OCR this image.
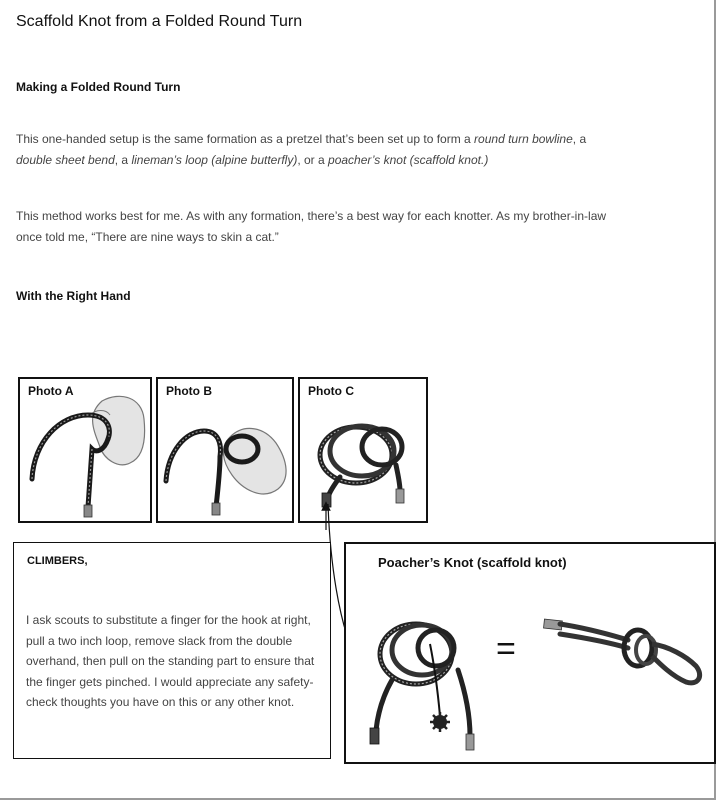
Scaffold Knot from a Folded Round Turn
Making a Folded Round Turn
This one-handed setup is the same formation as a pretzel that’s been set up to form a round turn bowline, a double sheet bend, a lineman’s loop (alpine butterfly), or a poacher’s knot (scaffold knot.)
This method works best for me. As with any formation, there’s a best way for each knotter. As my brother-in-law once told me, “There are nine ways to skin a cat.”
With the Right Hand
Photo A	Photo B	Photo C
CLIMBERS,
I ask scouts to substitute a finger for the hook at right, pull a two inch loop, remove slack from the double overhand, then pull on the standing part to ensure that the finger gets pinched. I would appreciate any safety-check thoughts you have on this or any other knot.
Poacher’s Knot (scaffold knot)
=
